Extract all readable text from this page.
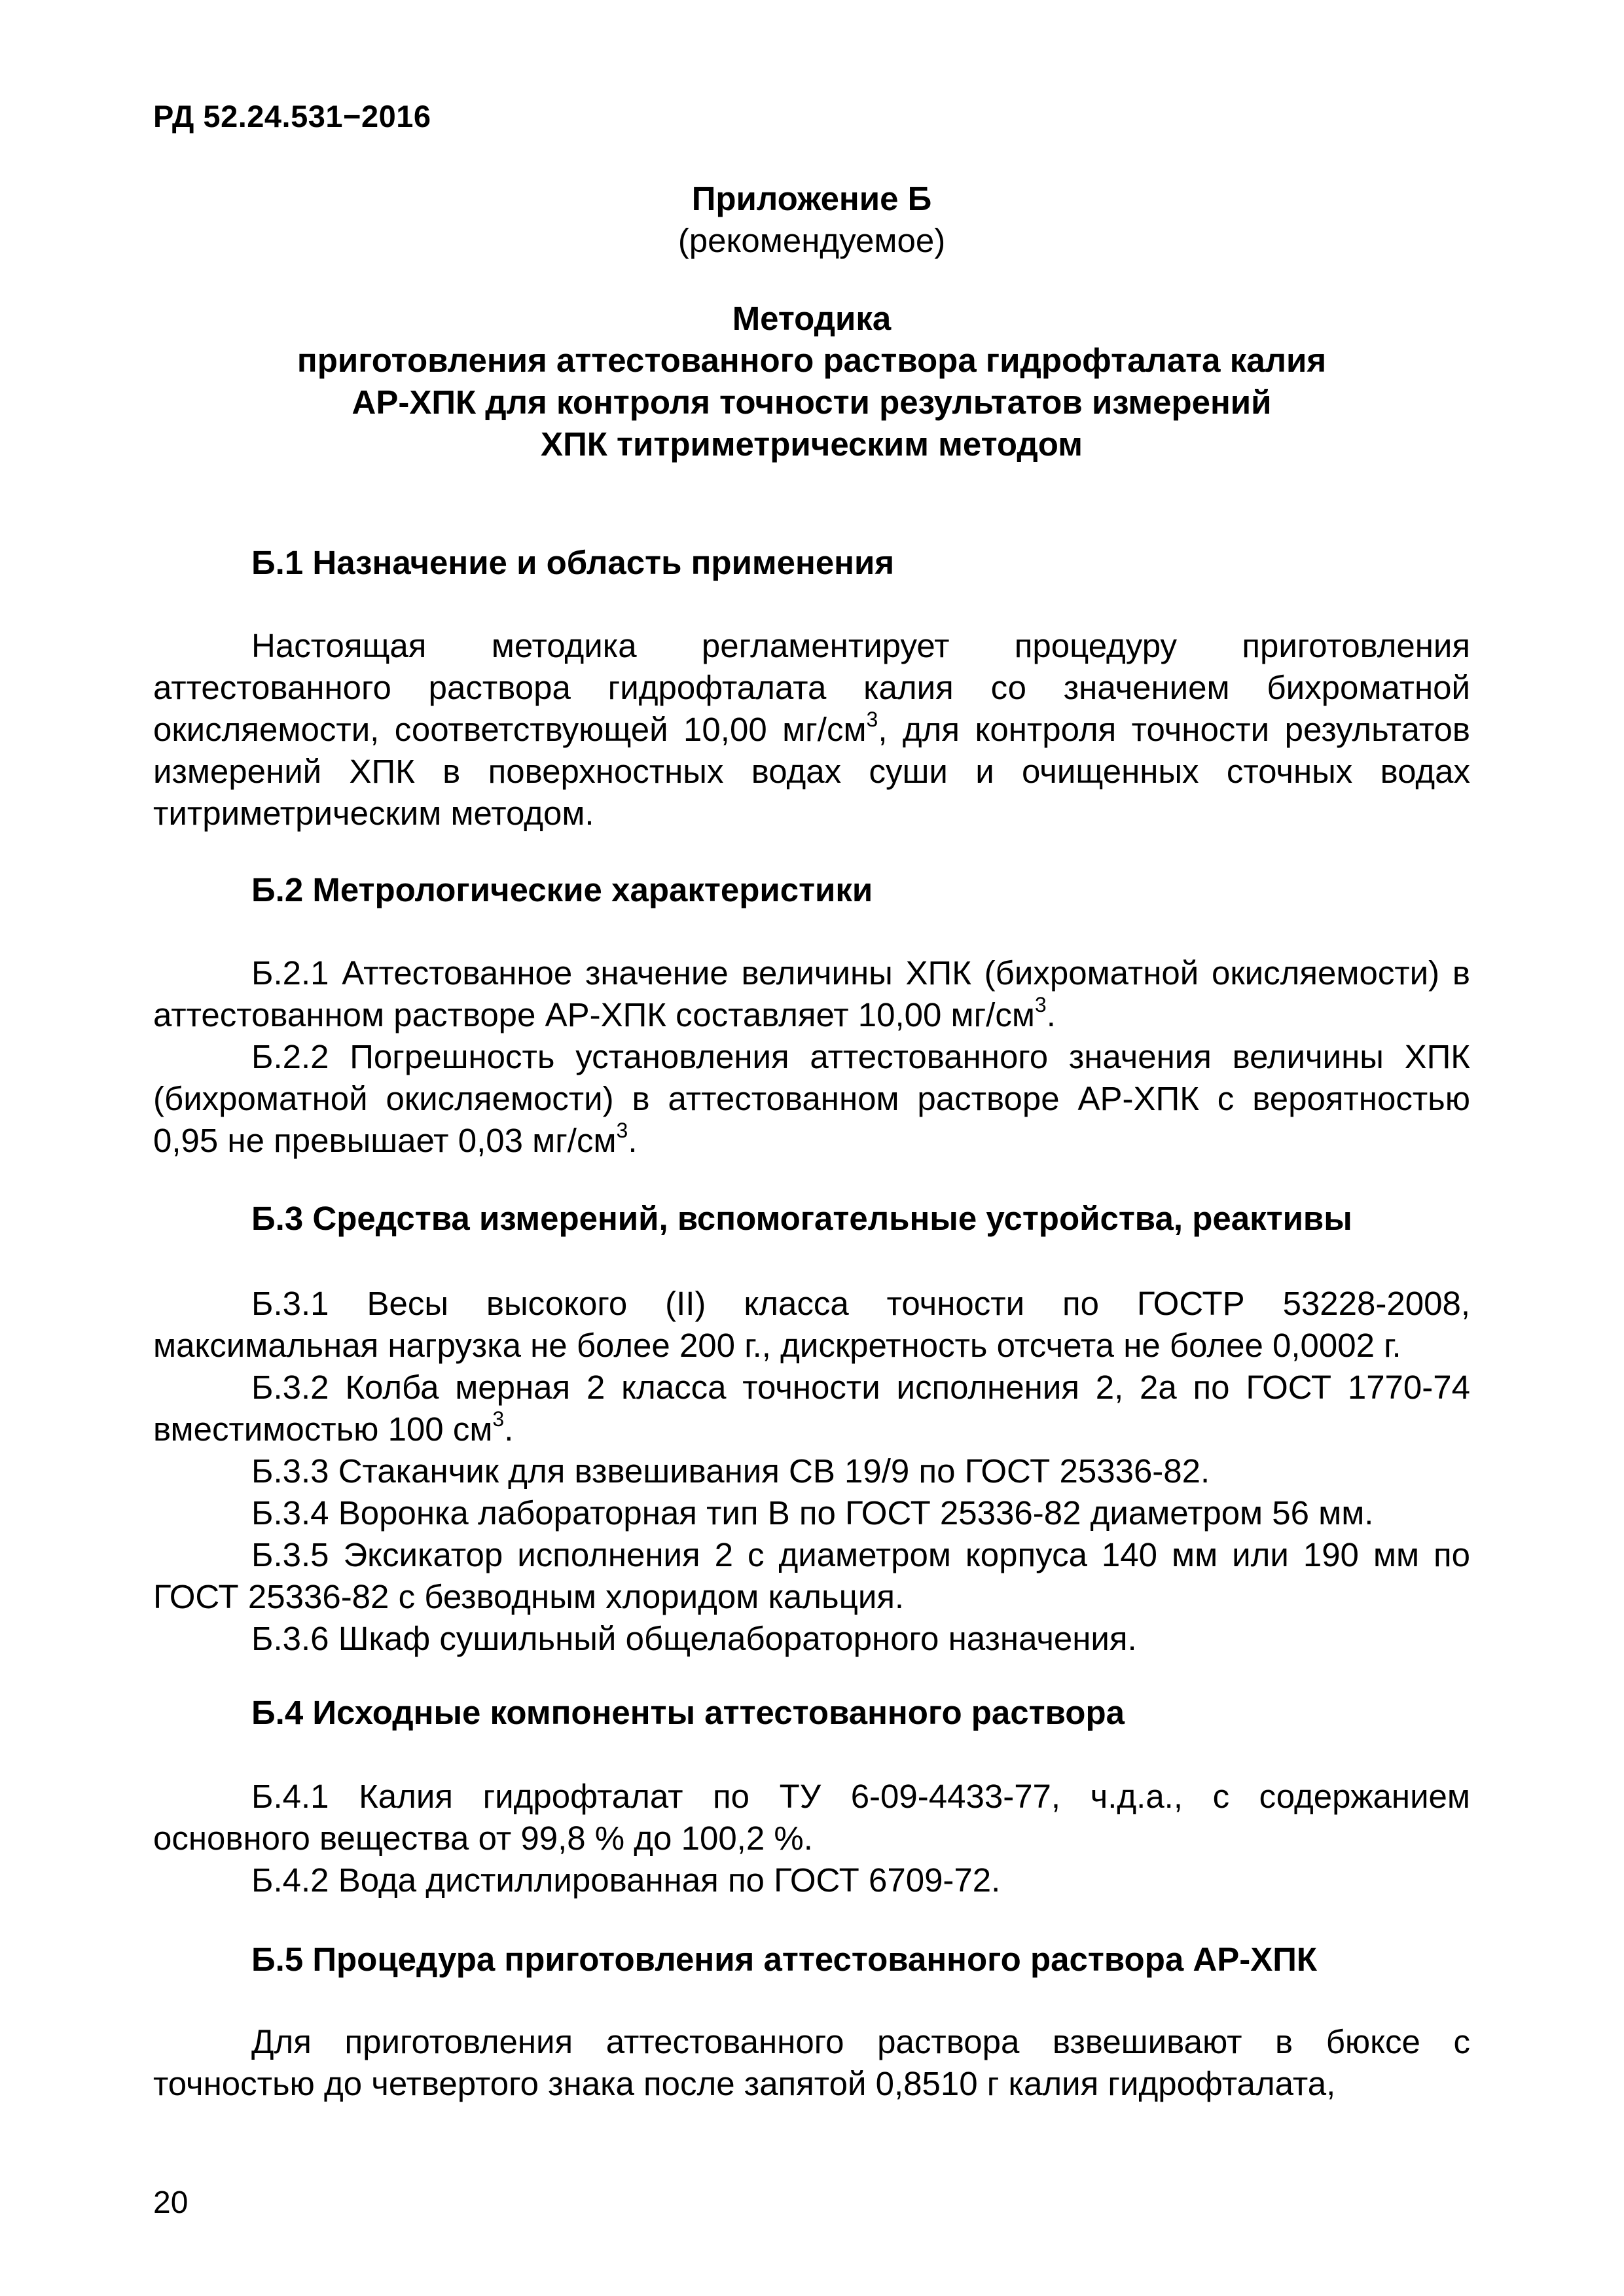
РД 52.24.531−2016
Приложение Б
(рекомендуемое)
Методика
приготовления аттестованного раствора гидрофталата калия
АР-ХПК для контроля точности результатов измерений
ХПК титриметрическим методом
Б.1 Назначение и область применения

Настоящая методика регламентирует процедуру приготовления аттестованного раствора гидрофталата калия со значением бихроматной окисляемости, соответствующей 10,00 $мг/см^3$, для контроля точности результатов измерений ХПК в поверхностных водах суши и очищенных сточных водах титриметрическим методом.

Б.2 Метрологические характеристики

Б.2.1 Аттестованное значение величины ХПК (бихроматной окисляемости) в аттестованном растворе АР-ХПК составляет 10,00 $мг/см^3$.

Б.2.2 Погрешность установления аттестованного значения величины ХПК (бихроматной окисляемости) в аттестованном растворе АР-ХПК с вероятностью 0,95 не превышает 0,03 $мг/см^3$.

Б.3 Средства измерений, вспомогательные устройства, реактивы

Б.3.1 Весы высокого (II) класса точности по ГОСТР 53228-2008, максимальная нагрузка не более 200 г., дискретность отсчета не более 0,0002 г.

Б.3.2 Колба мерная 2 класса точности исполнения 2, 2а по ГОСТ 1770-74 вместимостью 100 $см^3$.

Б.3.3 Стаканчик для взвешивания СВ 19/9 по ГОСТ 25336-82.

Б.3.4 Воронка лабораторная тип В по ГОСТ 25336-82 диаметром 56 мм.

Б.3.5 Эксикатор исполнения 2 с диаметром корпуса 140 мм или 190 мм по ГОСТ 25336-82 с безводным хлоридом кальция.

Б.3.6 Шкаф сушильный общелабораторного назначения.

Б.4 Исходные компоненты аттестованного раствора

Б.4.1 Калия гидрофталат по ТУ 6-09-4433-77, ч.д.а., с содержанием основного вещества от 99,8 % до 100,2 %.

Б.4.2 Вода дистиллированная по ГОСТ 6709-72.

Б.5 Процедура приготовления аттестованного раствора АР-ХПК

Для приготовления аттестованного раствора взвешивают в бюксе с точностью до четвертого знака после запятой 0,8510 г калия гидрофталата,

20
